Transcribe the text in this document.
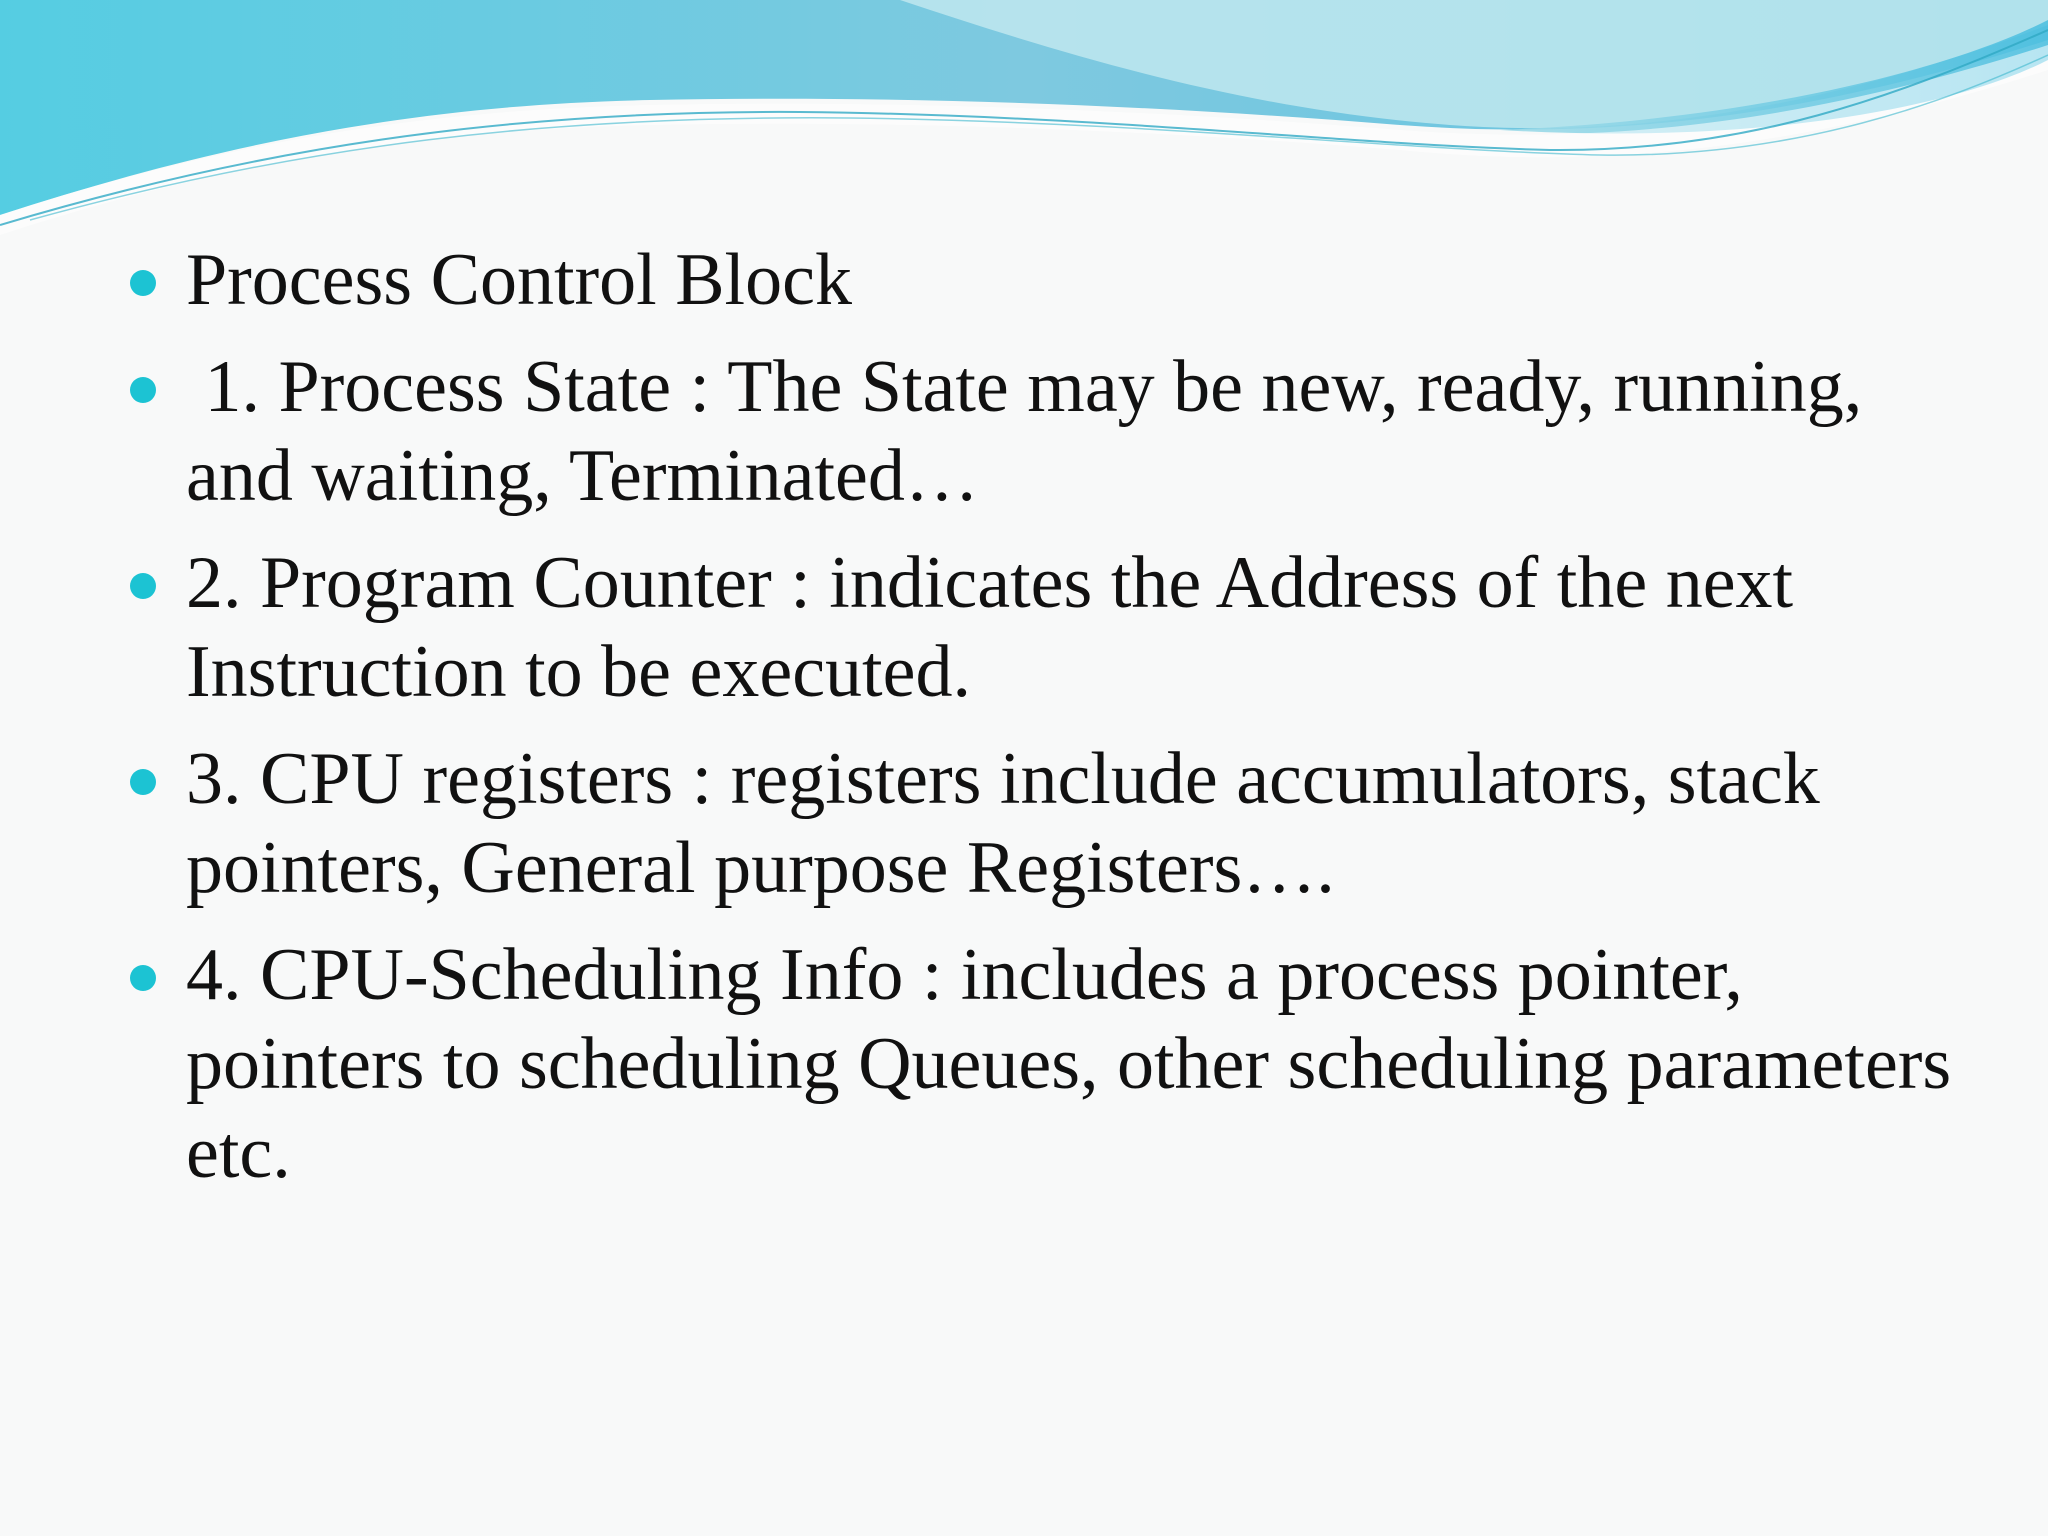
Process Control Block
1. Process State : The State may be new, ready, running, and waiting, Terminated…
2. Program Counter : indicates the Address of the next Instruction to be executed.
3. CPU registers : registers include accumulators, stack pointers, General purpose Registers….
4. CPU-Scheduling Info : includes a process pointer, pointers to scheduling Queues, other scheduling parameters etc.
